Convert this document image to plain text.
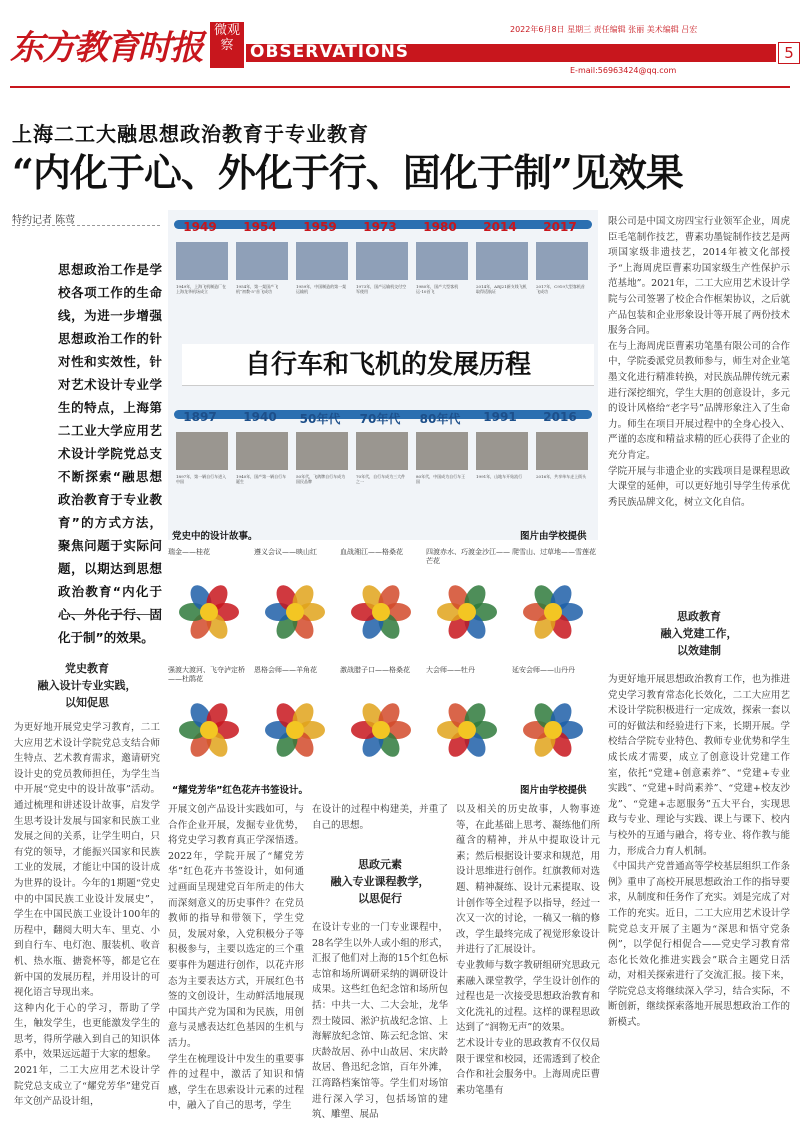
东方教育时报 微观察 OBSERVATIONS
2022年6月8日 星期三 责任编辑 张丽 美术编辑 吕宏
E-mail:56963424@qq.com
5
上海二工大融思想政治教育于专业教育
“内化于心、外化于行、固化于制”见效果
特约记者 陈莺
思想政治工作是学校各项工作的生命线，为进一步增强思想政治工作的针对性和实效性，针对艺术设计专业学生的特点，上海第二工业大学应用艺术设计学院党总支不断探索“融思想政治教育于专业教育”的方式方法，聚焦问题于实际问题，以期达到思想政治教育“内化于心、外化于行、固化于制”的效果。
党史教育
融入设计专业实践，
以知促思
为更好地开展党史学习教育，二工大应用艺术设计学院党总支结合师生特点、艺术教育需求，邀请研究设计史的党员教师担任，为学生当中开展“党史中的设计故事”活动。通过梳理和讲述设计故事，启发学生思考设计发展与国家和民族工业发展之间的关系，让学生明白，只有党的领导，才能振兴国家和民族工业的发展，才能让中国的设计成为世界的设计。今年的1期题“党史中的中国民族工业设计发展史”，学生在中国民族工业设计100年的历程中，翻阅大明大车、里克、小到自行车、电灯泡、服装机、收音机、热水瓶、搪瓷杯等，都是它在新中国的发展历程，并用设计的可视化语言导现出来。
这种内化于心的学习，帮助了学生，触发学生，也更能激发学生的思考，得所学融入到自己的知识体系中，效果远远超于大家的想象。
2021年，二工大应用艺术设计学院党总支成立了“耀党芳华”建党百年文创产品设计组，
1949
1949年，上海飞机制造厂在上海龙华机场成立
1954
1954年，第一架国产飞机“初教-5”首飞成功
1959
1959年，中国制造的第一架运输机
1973
1973年，国产运输机交付空军使用
1980
1980年，国产大型客机运-10首飞
2014
2014年，ARJ21新支线飞机取得适航证
2017
2017年，C919大型客机首飞成功
1897
1897年，第一辆自行车进入中国
1940
1940年，国产第一辆自行车诞生
50年代
50年代，飞鸽牌自行车成为国民品牌
70年代
70年代，自行车成为三大件之一
80年代
80年代，中国成为自行车王国
1991
1991年，山地车开始流行
2016
2016年，共享单车走上街头
自行车和飞机的发展历程
党史中的设计故事。	图片由学校提供
瑞金——桂花	遵义会议——映山红	血战湘江——格桑花	四渡赤水、巧渡金沙江——芒花
爬雪山、过草地——雪莲花
强渡大渡河、飞夺泸定桥——杜鹃花
恩格会师——羊角花	激战腊子口——格桑花	大会师——牡丹	延安会师——山丹丹
“耀党芳华”红色花卉书签设计。	图片由学校提供
开展文创产品设计实践如可，与合作企业开展，发掘专业优势，将党史学习教育真正学深悟透。2022年，学院开展了“耀党芳华”红色花卉书签设计，如何通过画面呈现建党百年所走的伟大而深刻意义的历史事件？在党员教师的指导和带领下，学生党员，发展对象，入党积极分子等积极参与，主要以选定的三个重要事件为题进行创作，以花卉形态为主要表达方式，开展红色书签的文创设计，生动鲜活地展现中国共产党为国和为民族，用创意与灵感表达红色基因的生机与活力。
学生在梳理设计中发生的重要事件的过程中，激活了知识和情感，学生在思索设计元素的过程中，融入了自己的思考，学生
在设计的过程中构建美，并重了自己的思想。
思政元素
融入专业课程教学，
以思促行
在设计专业的一门专业课程中，28名学生以外人或小组的形式，汇报了他们对上海的15个红色标志馆和场所调研采纳的调研设计成果。这些红色纪念馆和场所包括：中共一大、二大会址，龙华烈士陵园、淞沪抗战纪念馆、上海解放纪念馆、陈云纪念馆、宋庆龄故居、孙中山故居、宋庆龄故居、鲁迅纪念馆，百年外滩，江湾路档案馆等。学生们对场馆进行深入学习，包括场馆的建筑、雕塑、展品
以及相关的历史故事，人物事迹等，在此基础上思考、凝练他们所蕴含的精神，并从中提取设计元素；然后根据设计要求和规范，用设计思维进行创作。红旗教师对选题、精神凝练、设计元素提取、设计创作等全过程予以指导，经过一次又一次的讨论，一稿又一稿的修改，学生最终完成了视觉形象设计并进行了汇展设计。
专业教师与数字教研组研究思政元素融入课堂教学，学生设计创作的过程也是一次接受思想政治教育和文化洗礼的过程。这样的课程思政达到了“润物无声”的效果。
艺术设计专业的思政教育不仅仅局限于课堂和校园，还需透到了校企合作和社会服务中。上海周虎臣曹素功笔墨有
限公司是中国文房四宝行业领军企业，周虎臣毛笔制作技艺，曹素功墨锭制作技艺是两项国家级非遗技艺，2014年被文化部授予“上海周虎臣曹素功国家级生产性保护示范基地”。2021年，二工大应用艺术设计学院与公司签署了校企合作框架协议，之后就产品包装和企业形象设计等开展了两份技术服务合同。
在与上海周虎臣曹素功笔墨有限公司的合作中，学院委派党员教师参与，师生对企业笔墨文化进行精准转换，对民族品牌传统元素进行深挖细究，学生大胆的创意设计，多元的设计风格给“老字号”品牌形象注入了生命力。师生在项目开展过程中的全身心投入、严谨的态度和精益求精的匠心获得了企业的充分肯定。
学院开展与非遗企业的实践项目是课程思政大课堂的延伸，可以更好地引导学生传承优秀民族品牌文化，树立文化自信。
思政教育
融入党建工作，
以效建制
为更好地开展思想政治教育工作，也为推进党史学习教育常态化长效化，二工大应用艺术设计学院积极进行一定成效，探索一套以可的好做法和经验进行下来，长期开展。学校结合学院专业特色、教师专业优势和学生成长成才需要，成立了创意设计党建工作室，依托“党建+创意素养”、“党建+专业实践”、“党建+时尚素养”、“党建+校友沙龙”、“党建+志愿服务”五大平台，实现思政与专业、理论与实践、课上与课下、校内与校外的互通与融合，将专业、将作教与能力，形成合力育人机制。
《中国共产党普通高等学校基层组织工作条例》重申了高校开展思想政治工作的指导要求，从制度和任务作了充实。刘是完成了对工作的充实。近日，二工大应用艺术设计学院党总支开展了主题为“深思和悟守党条例”，以学促行相促合——党史学习教育常态化长效化推进实践会”联合主题党日活动，对相关探索进行了交流汇报。接下来，学院党总支将继续深入学习，结合实际，不断创新，继续探索落地开展思想政治工作的新模式。
